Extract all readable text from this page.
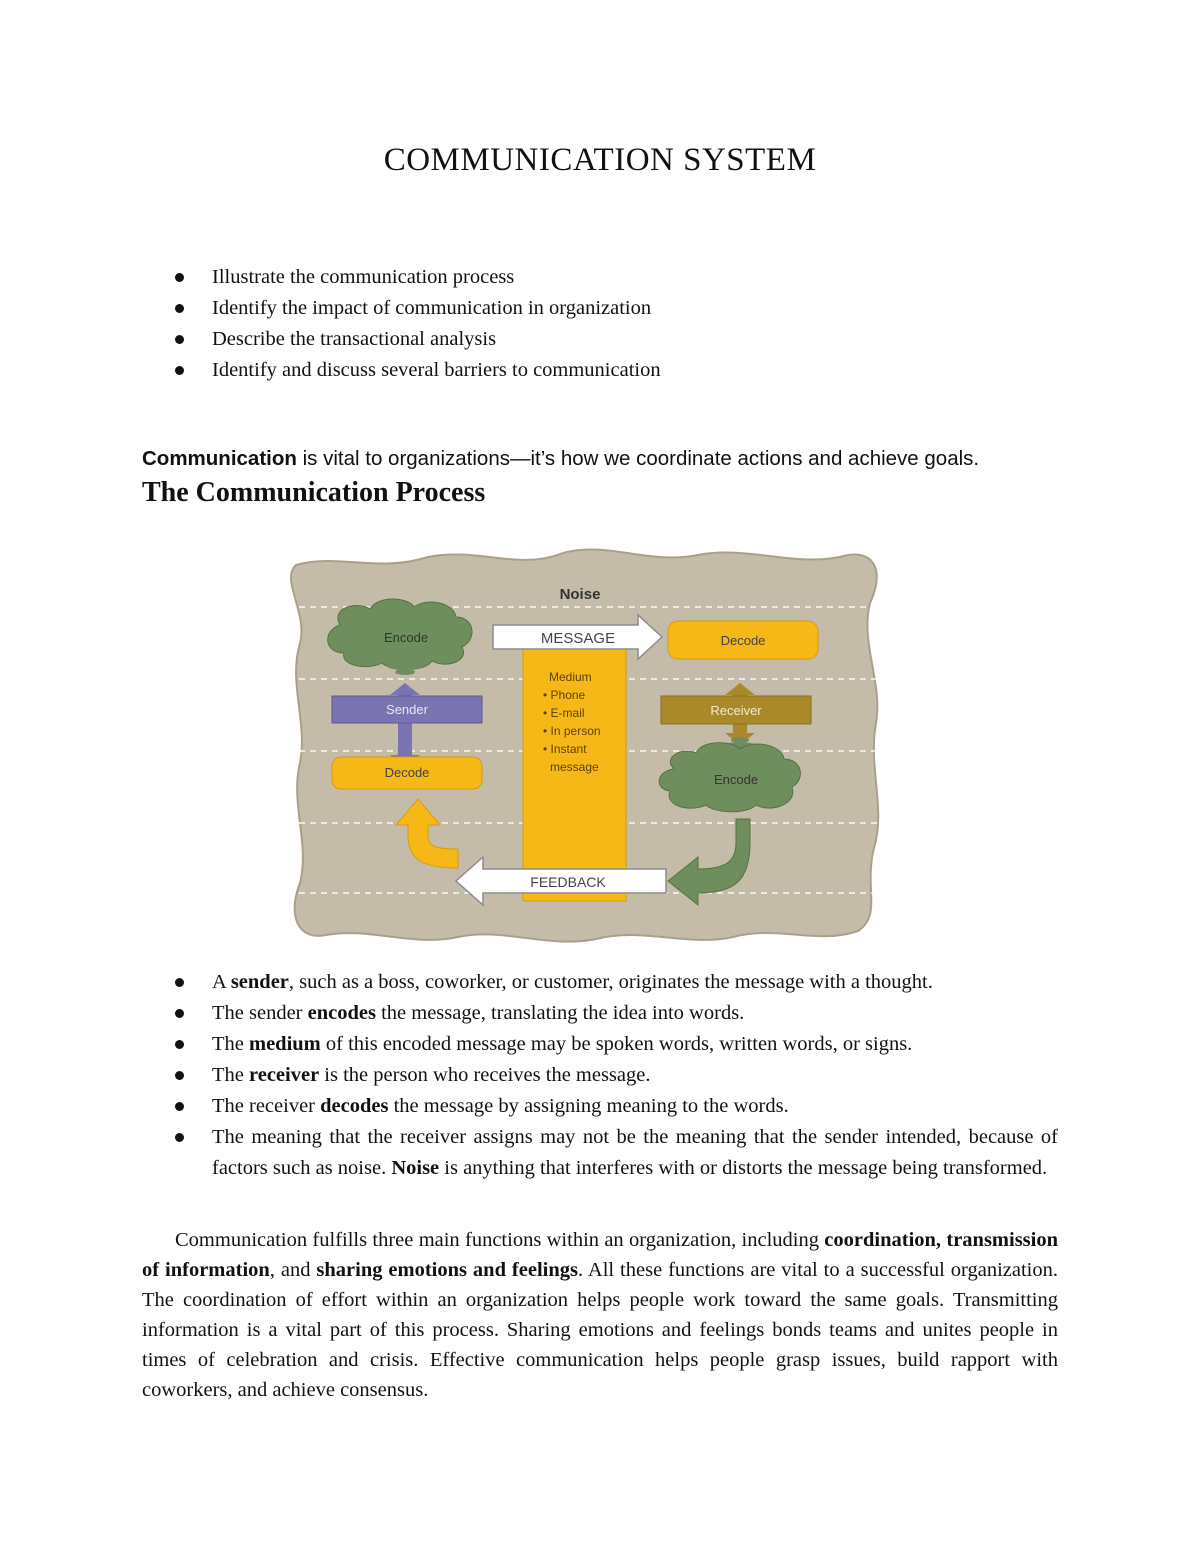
COMMUNICATION SYSTEM
Illustrate the communication process
Identify the impact of communication in organization
Describe the transactional analysis
Identify and discuss several barriers to communication
Communication is vital to organizations—it’s how we coordinate actions and achieve goals.
The Communication Process
Noise
Encode	MESSAGE	Decode
Medium
• Phone
• E-mail
• In person
• Instant
message
Sender	Receiver
Decode	Encode
FEEDBACK
A sender, such as a boss, coworker, or customer, originates the message with a thought.
The sender encodes the message, translating the idea into words.
The medium of this encoded message may be spoken words, written words, or signs.
The receiver is the person who receives the message.
The receiver decodes the message by assigning meaning to the words.
The meaning that the receiver assigns may not be the meaning that the sender intended, because of factors such as noise. Noise is anything that interferes with or distorts the message being transformed.

Communication fulfills three main functions within an organization, including coordination, transmission of information, and sharing emotions and feelings. All these functions are vital to a successful organization. The coordination of effort within an organization helps people work toward the same goals. Transmitting information is a vital part of this process. Sharing emotions and feelings bonds teams and unites people in times of celebration and crisis. Effective communication helps people grasp issues, build rapport with coworkers, and achieve consensus.
